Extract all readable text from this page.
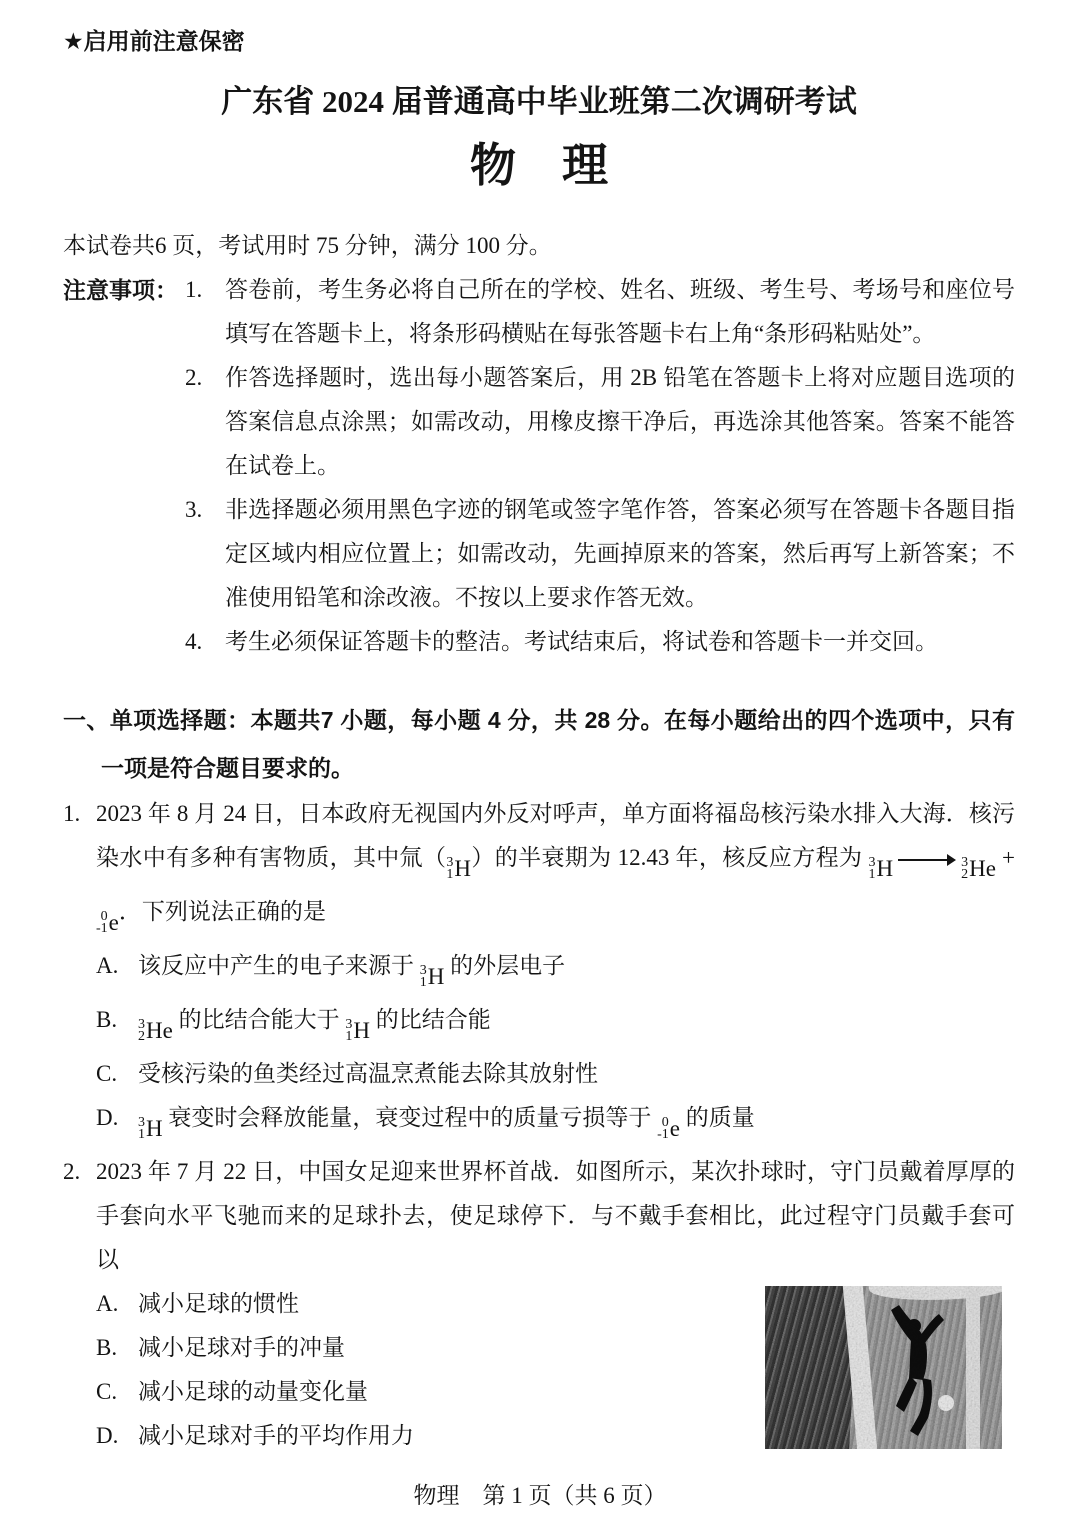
★启用前注意保密
广东省 2024 届普通高中毕业班第二次调研考试
物　理

本试卷共6 页，考试用时 75 分钟，满分 100 分。

注意事项： 1. 答卷前，考生务必将自己所在的学校、姓名、班级、考生号、考场号和座位号填写在答题卡上，将条形码横贴在每张答题卡右上角“条形码粘贴处”。
2. 作答选择题时，选出每小题答案后，用 2B 铅笔在答题卡上将对应题目选项的答案信息点涂黑；如需改动，用橡皮擦干净后，再选涂其他答案。答案不能答在试卷上。
3. 非选择题必须用黑色字迹的钢笔或签字笔作答，答案必须写在答题卡各题目指定区域内相应位置上；如需改动，先画掉原来的答案，然后再写上新答案；不准使用铅笔和涂改液。不按以上要求作答无效。
4. 考生必须保证答题卡的整洁。考试结束后，将试卷和答题卡一并交回。
一、单项选择题：本题共7 小题，每小题 4 分，共 28 分。在每小题给出的四个选项中，只有一项是符合题目要求的。
1. 2023 年 8 月 24 日，日本政府无视国内外反对呼声，单方面将福岛核污染水排入大海．核污染水中有多种有害物质，其中氚（ 3
1 H ）的半衰期为 12.43 年，核反应方程为 3
1 H	3
2 He +
0
-1 e ．下列说法正确的是

A. 该反应中产生的电子来源于 3
1 H 的外层电子
B.	3
2 He 的比结合能大于 3
1 H 的比结合能
C. 受核污染的鱼类经过高温烹煮能去除其放射性
D.	3
1 H 衰变时会释放能量，衰变过程中的质量亏损等于 0
-1 e 的质量
2. 2023 年 7 月 22 日，中国女足迎来世界杯首战．如图所示，某次扑球时，守门员戴着厚厚的手套向水平飞驰而来的足球扑去，使足球停下．与不戴手套相比，此过程守门员戴手套可以

A. 减小足球的惯性
B. 减小足球对手的冲量
C. 减小足球的动量变化量
D. 减小足球对手的平均作用力
物理　第 1 页（共 6 页）
